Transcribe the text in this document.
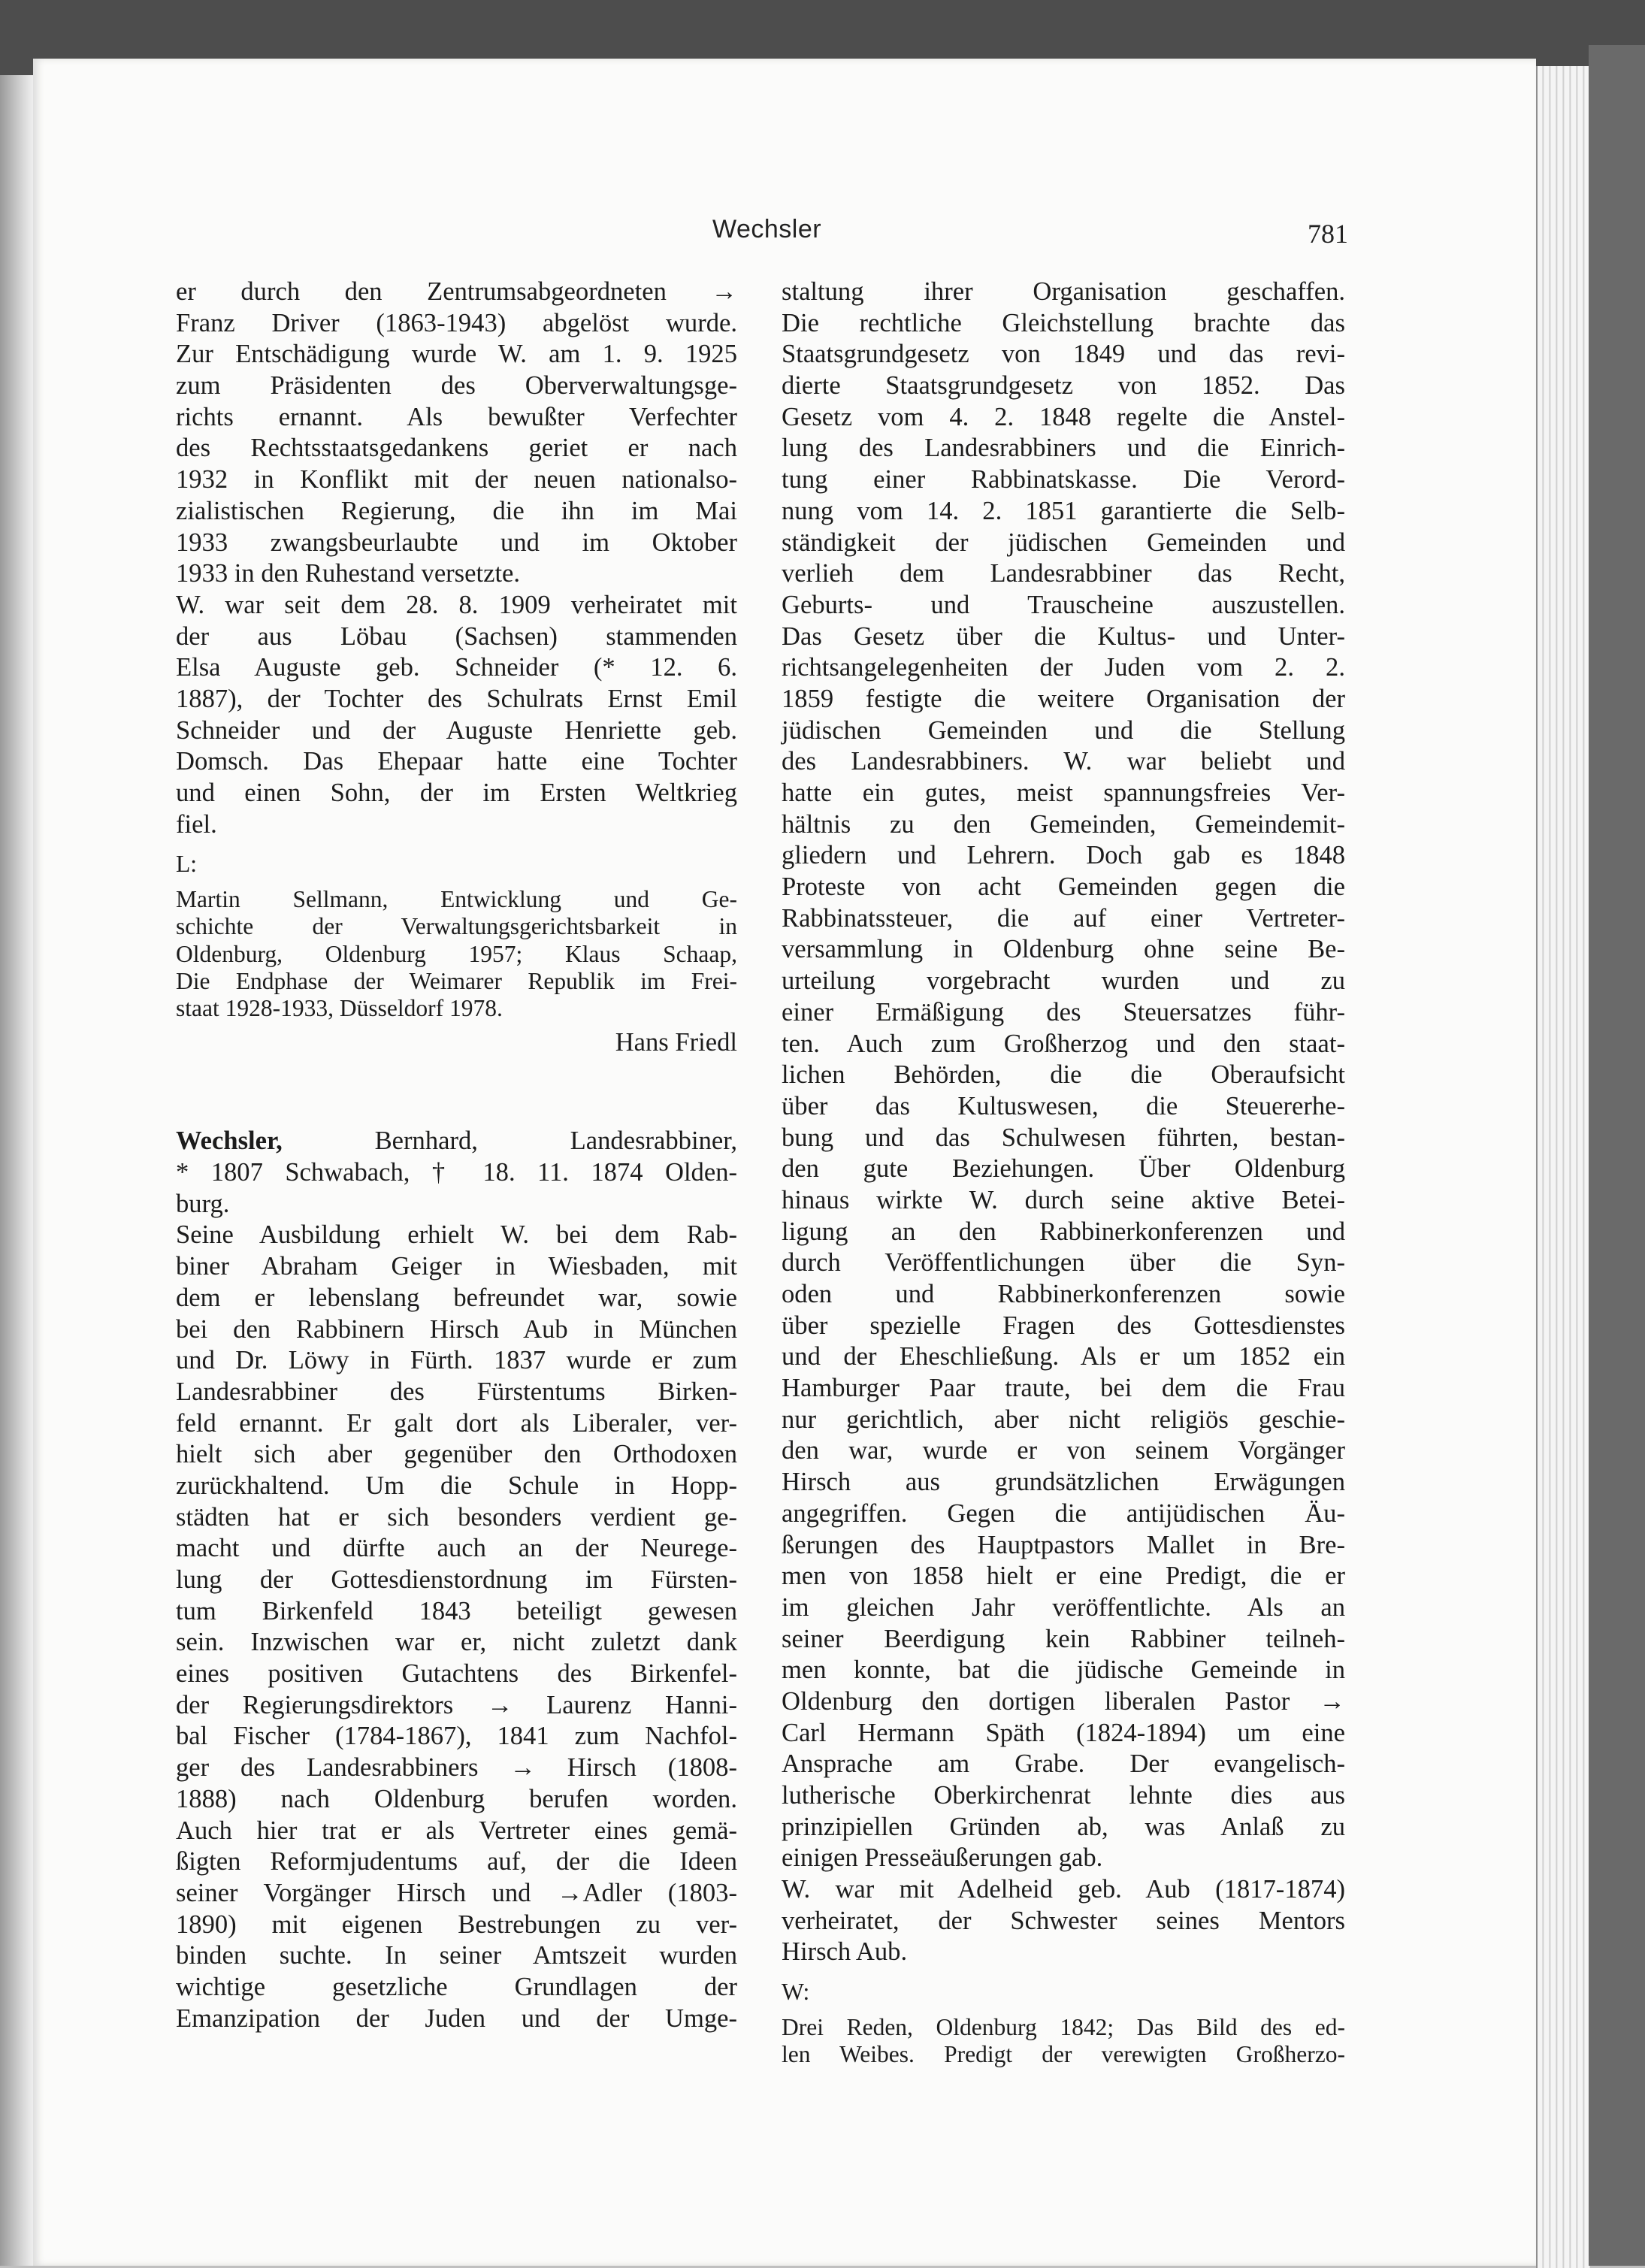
Wechsler	781
er durch den Zentrumsabgeordneten →
Franz Driver (1863-1943) abgelöst wurde.
Zur Entschädigung wurde W. am 1. 9. 1925
zum Präsidenten des Oberverwaltungsge-
richts ernannt. Als bewußter Verfechter
des Rechtsstaatsgedankens geriet er nach
1932 in Konflikt mit der neuen nationalso-
zialistischen Regierung, die ihn im Mai
1933 zwangsbeurlaubte und im Oktober
1933 in den Ruhestand versetzte.
W. war seit dem 28. 8. 1909 verheiratet mit
der aus Löbau (Sachsen) stammenden
Elsa Auguste geb. Schneider (* 12. 6.
1887), der Tochter des Schulrats Ernst Emil
Schneider und der Auguste Henriette geb.
Domsch. Das Ehepaar hatte eine Tochter
und einen Sohn, der im Ersten Weltkrieg
fiel.
L:
Martin Sellmann, Entwicklung und Ge-
schichte der Verwaltungsgerichtsbarkeit in
Oldenburg, Oldenburg 1957; Klaus Schaap,
Die Endphase der Weimarer Republik im Frei-
staat 1928-1933, Düsseldorf 1978.
Hans Friedl
Wechsler,	Bernhard, Landesrabbiner,
* 1807 Schwabach, † 18. 11. 1874 Olden-
burg.
Seine Ausbildung erhielt W. bei dem Rab-
biner Abraham Geiger in Wiesbaden, mit
dem er lebenslang befreundet war, sowie
bei den Rabbinern Hirsch Aub in München
und Dr. Löwy in Fürth. 1837 wurde er zum
Landesrabbiner des Fürstentums Birken-
feld ernannt. Er galt dort als Liberaler, ver-
hielt sich aber gegenüber den Orthodoxen
zurückhaltend. Um die Schule in Hopp-
städten hat er sich besonders verdient ge-
macht und dürfte auch an der Neurege-
lung der Gottesdienstordnung im Fürsten-
tum Birkenfeld 1843 beteiligt gewesen
sein. Inzwischen war er, nicht zuletzt dank
eines positiven Gutachtens des Birkenfel-
der Regierungsdirektors → Laurenz Hanni-
bal Fischer (1784-1867), 1841 zum Nachfol-
ger des Landesrabbiners → Hirsch (1808-
1888) nach Oldenburg berufen worden.
Auch hier trat er als Vertreter eines gemä-
ßigten Reformjudentums auf, der die Ideen
seiner Vorgänger Hirsch und →Adler (1803-
1890) mit eigenen Bestrebungen zu ver-
binden suchte. In seiner Amtszeit wurden
wichtige gesetzliche Grundlagen der
Emanzipation der Juden und der Umge-
staltung ihrer Organisation geschaffen.
Die rechtliche Gleichstellung brachte das
Staatsgrundgesetz von 1849 und das revi-
dierte Staatsgrundgesetz von 1852. Das
Gesetz vom 4. 2. 1848 regelte die Anstel-
lung des Landesrabbiners und die Einrich-
tung einer Rabbinatskasse. Die Verord-
nung vom 14. 2. 1851 garantierte die Selb-
ständigkeit der jüdischen Gemeinden und
verlieh dem Landesrabbiner das Recht,
Geburts- und Trauscheine auszustellen.
Das Gesetz über die Kultus- und Unter-
richtsangelegenheiten der Juden vom 2. 2.
1859 festigte die weitere Organisation der
jüdischen Gemeinden und die Stellung
des Landesrabbiners. W. war beliebt und
hatte ein gutes, meist spannungsfreies Ver-
hältnis zu den Gemeinden, Gemeindemit-
gliedern und Lehrern. Doch gab es 1848
Proteste von acht Gemeinden gegen die
Rabbinatssteuer, die auf einer Vertreter-
versammlung in Oldenburg ohne seine Be-
urteilung vorgebracht wurden und zu
einer Ermäßigung des Steuersatzes führ-
ten. Auch zum Großherzog und den staat-
lichen Behörden, die die Oberaufsicht
über das Kultuswesen, die Steuererhe-
bung und das Schulwesen führten, bestan-
den gute Beziehungen. Über Oldenburg
hinaus wirkte W. durch seine aktive Betei-
ligung an den Rabbinerkonferenzen und
durch Veröffentlichungen über die Syn-
oden und Rabbinerkonferenzen sowie
über spezielle Fragen des Gottesdienstes
und der Eheschließung. Als er um 1852 ein
Hamburger Paar traute, bei dem die Frau
nur gerichtlich, aber nicht religiös geschie-
den war, wurde er von seinem Vorgänger
Hirsch aus grundsätzlichen Erwägungen
angegriffen. Gegen die antijüdischen Äu-
ßerungen des Hauptpastors Mallet in Bre-
men von 1858 hielt er eine Predigt, die er
im gleichen Jahr veröffentlichte. Als an
seiner Beerdigung kein Rabbiner teilneh-
men konnte, bat die jüdische Gemeinde in
Oldenburg den dortigen liberalen Pastor →
Carl Hermann Späth (1824-1894) um eine
Ansprache am Grabe. Der evangelisch-
lutherische Oberkirchenrat lehnte dies aus
prinzipiellen Gründen ab, was Anlaß zu
einigen Presseäußerungen gab.
W. war mit Adelheid geb. Aub (1817-1874)
verheiratet, der Schwester seines Mentors
Hirsch Aub.
W:
Drei Reden, Oldenburg 1842; Das Bild des ed-
len Weibes. Predigt der verewigten Großherzo-
